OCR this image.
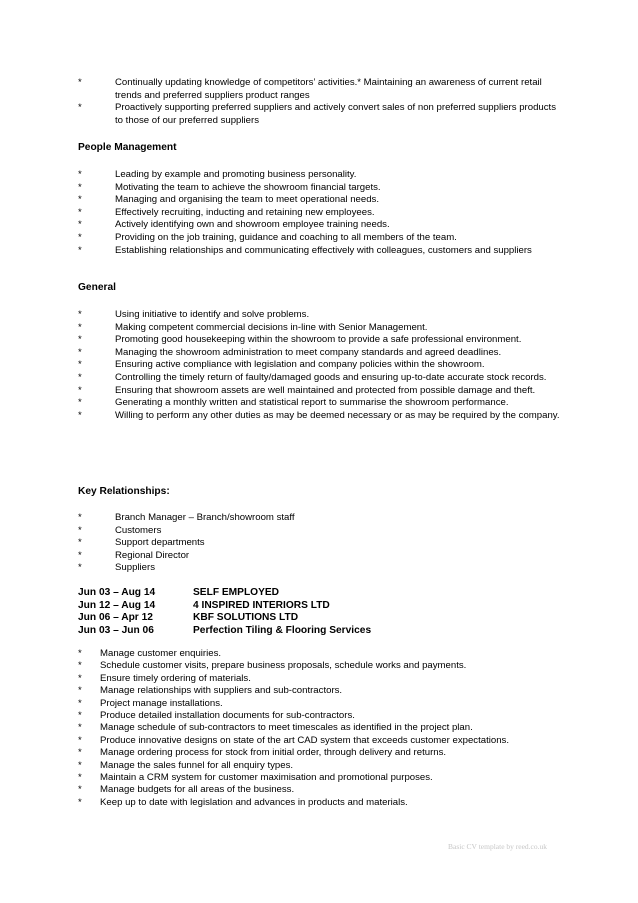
*	Continually updating knowledge of competitors’ activities.* Maintaining an awareness of current retail trends and preferred suppliers product ranges
*	Proactively supporting preferred suppliers and actively convert sales of non preferred suppliers products to those of our preferred suppliers
People Management
*	Leading by example and promoting business personality.
*	Motivating the team to achieve the showroom financial targets.
*	Managing and organising the team to meet operational needs.
*	Effectively recruiting, inducting and retaining new employees.
*	Actively identifying own and showroom employee training needs.
*	Providing on the job training, guidance and coaching to all members of the team.
*	Establishing relationships and communicating effectively with colleagues, customers and suppliers
General
*	Using initiative to identify and solve problems.
*	Making competent commercial decisions in-line with Senior Management.
*	Promoting good housekeeping within the showroom to provide a safe professional environment.
*	Managing the showroom administration to meet company standards and agreed deadlines.
*	Ensuring active compliance with legislation and company policies within the showroom.
*	Controlling the timely return of faulty/damaged goods and ensuring up-to-date accurate stock records.
*	Ensuring that showroom assets are well maintained and protected from possible damage and theft.
*	Generating a monthly written and statistical report to summarise the showroom performance.
*	Willing to perform any other duties as may be deemed necessary or as may be required by the company.
Key Relationships:
*	Branch Manager – Branch/showroom staff
*	Customers
*	Support departments
*	Regional Director
*	Suppliers
Jun 03 – Aug 14	SELF EMPLOYED
Jun 12 – Aug 14	4 INSPIRED INTERIORS LTD
Jun 06 – Apr 12	KBF SOLUTIONS LTD
Jun 03 – Jun 06	Perfection Tiling & Flooring Services
*	Manage customer enquiries.
*	Schedule customer visits, prepare business proposals, schedule works and payments.
*	Ensure timely ordering of materials.
*	Manage relationships with suppliers and sub-contractors.
*	Project manage installations.
*	Produce detailed installation documents for sub-contractors.
*	Manage schedule of sub-contractors to meet timescales as identified in the project plan.
*	Produce innovative designs on state of the art CAD system that exceeds customer expectations.
*	Manage ordering process for stock from initial order, through delivery and returns.
*	Manage the sales funnel for all enquiry types.
*	Maintain a CRM system for customer maximisation and promotional purposes.
*	Manage budgets for all areas of the business.
*	Keep up to date with legislation and advances in products and materials.
Basic CV template by reed.co.uk
